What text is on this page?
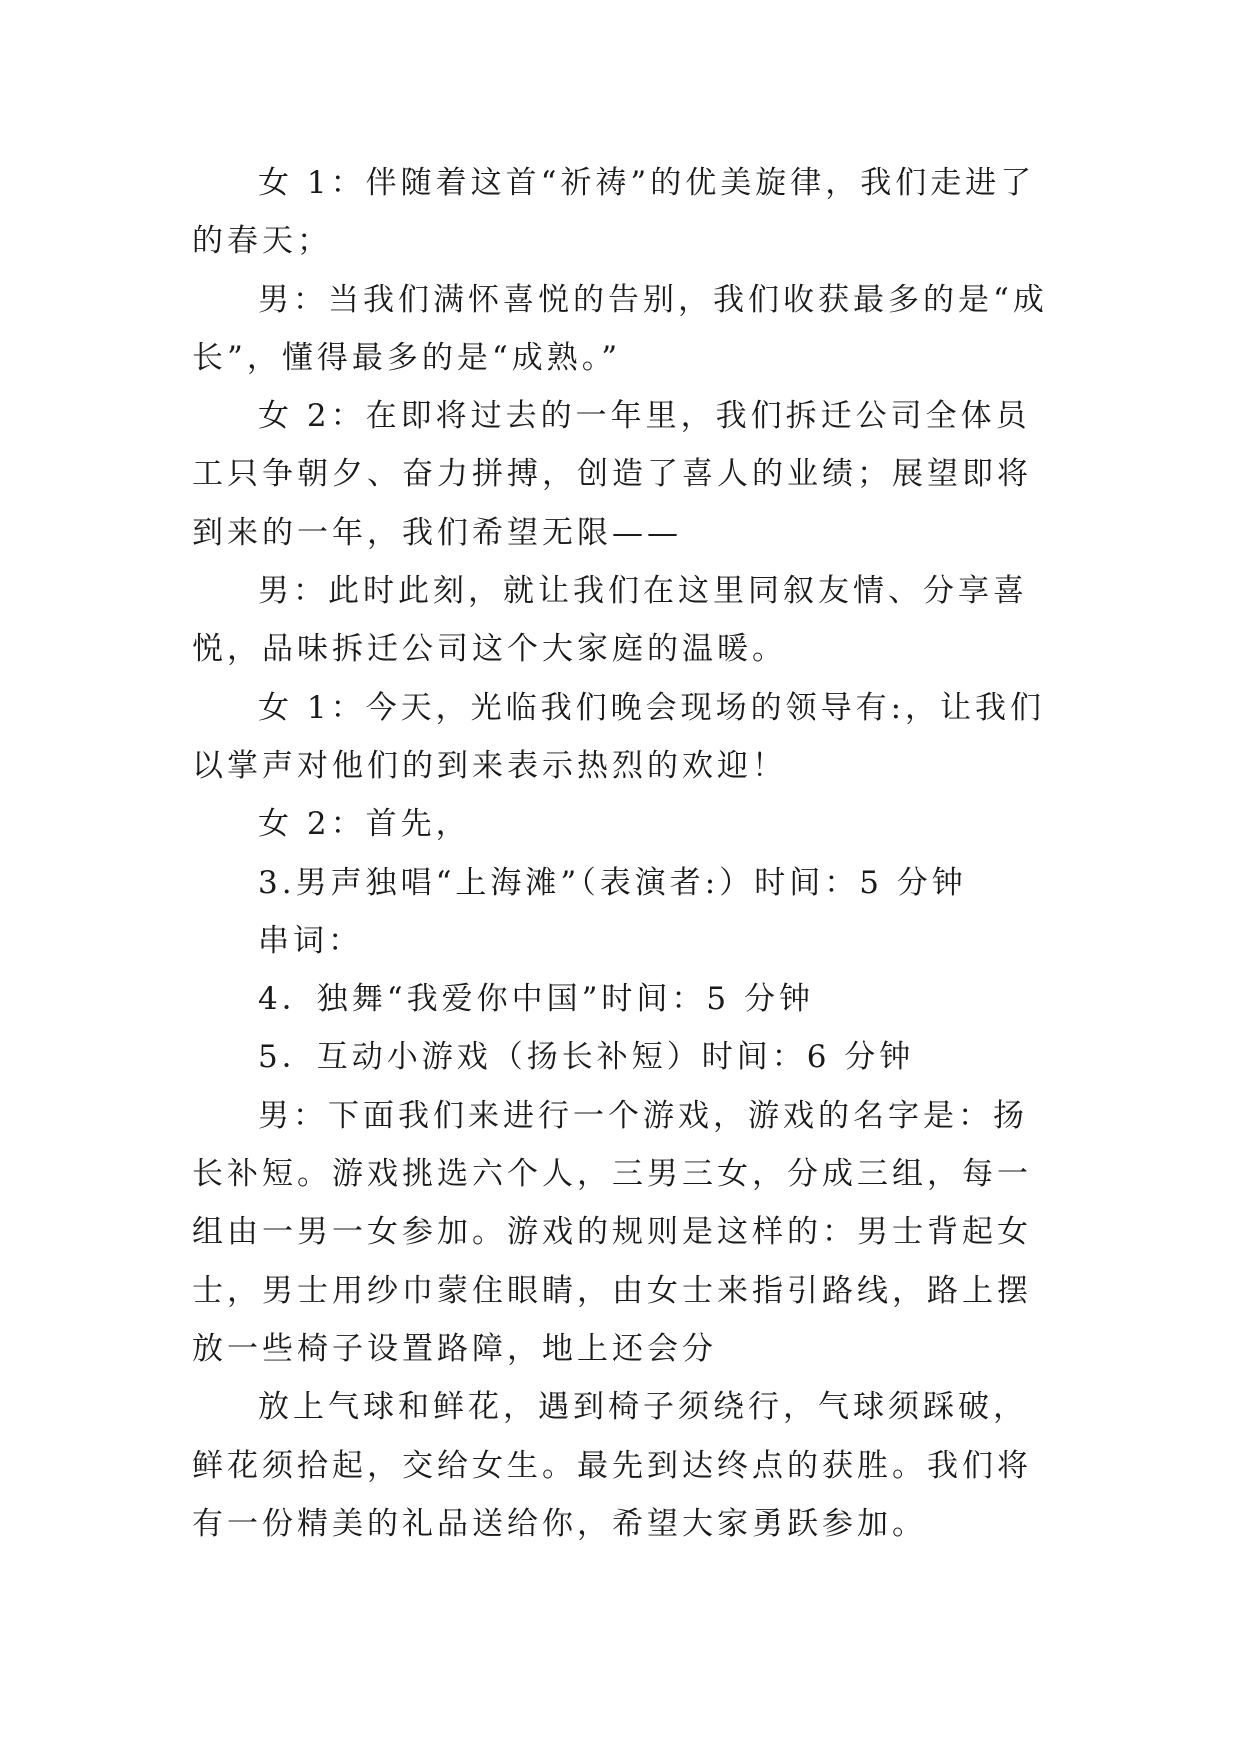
女 1：伴随着这首“祈祷”的优美旋律，我们走进了的春天；

男：当我们满怀喜悦的告别，我们收获最多的是“成长”，懂得最多的是“成熟。”

女 2：在即将过去的一年里，我们拆迁公司全体员工只争朝夕、奋力拼搏，创造了喜人的业绩；展望即将到来的一年，我们希望无限——

男：此时此刻，就让我们在这里同叙友情、分享喜悦，品味拆迁公司这个大家庭的温暖。

女 1：今天，光临我们晚会现场的领导有:，让我们以掌声对他们的到来表示热烈的欢迎！

女 2：首先，

3.男声独唱“上海滩”（表演者:）时间：5 分钟

串词：

4．独舞“我爱你中国”时间：5 分钟

5．互动小游戏（扬长补短）时间：6 分钟

男：下面我们来进行一个游戏，游戏的名字是：扬长补短。游戏挑选六个人，三男三女，分成三组，每一组由一男一女参加。游戏的规则是这样的：男士背起女士，男士用纱巾蒙住眼睛，由女士来指引路线，路上摆放一些椅子设置路障，地上还会分

放上气球和鲜花，遇到椅子须绕行，气球须踩破，鲜花须拾起，交给女生。最先到达终点的获胜。我们将有一份精美的礼品送给你，希望大家勇跃参加。
